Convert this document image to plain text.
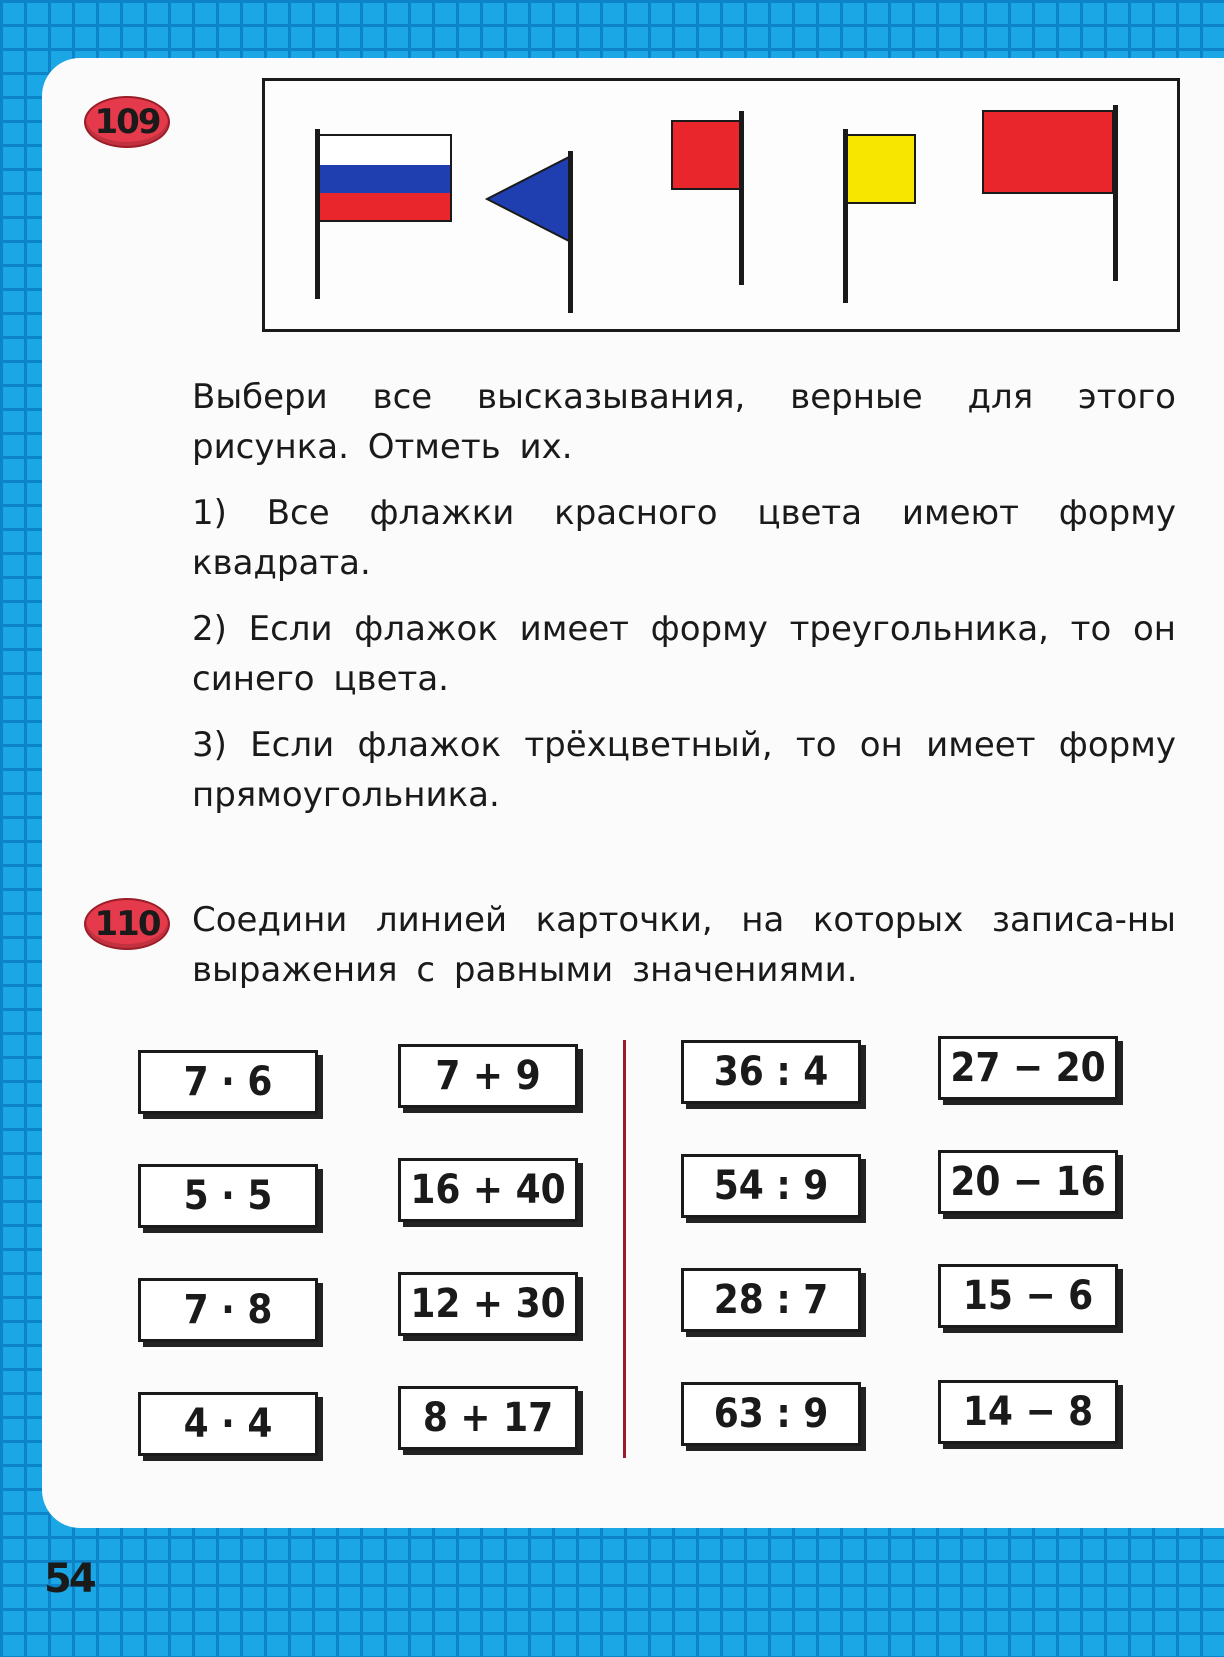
109

Выбери все высказывания, верные для этого рисунка. Отметь их.

1) Все флажки красного цвета имеют форму квадрата.

2) Если флажок имеет форму треугольника, то он синего цвета.

3) Если флажок трёхцветный, то он имеет форму прямоугольника.

110 Соедини линией карточки, на которых записа-ны выражения с равными значениями.

7 · 6
5 · 5
7 · 8
4 · 4
7 + 9
16 + 40
12 + 30
8 + 17
36 : 4
54 : 9
28 : 7
63 : 9
27 − 20
20 − 16
15 − 6
14 − 8
54
